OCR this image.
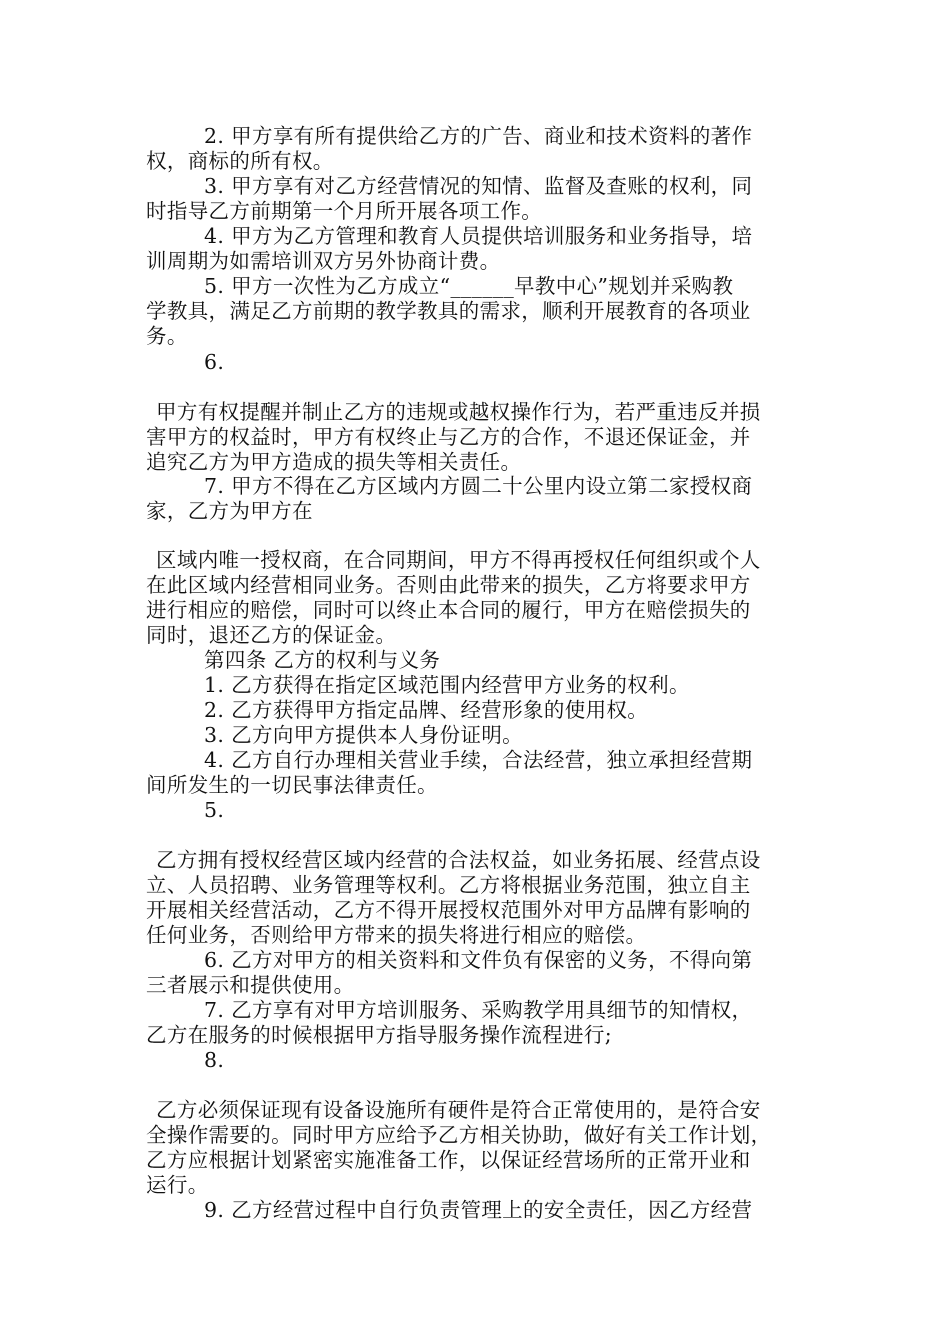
2. 甲方享有所有提供给乙方的广告、商业和技术资料的著作
权，商标的所有权。
3. 甲方享有对乙方经营情况的知情、监督及查账的权利，同
时指导乙方前期第一个月所开展各项工作。
4. 甲方为乙方管理和教育人员提供培训服务和业务指导，培
训周期为如需培训双方另外协商计费。
5. 甲方一次性为乙方成立“______早教中心”规划并采购教
学教具，满足乙方前期的教学教具的需求，顺利开展教育的各项业
务。
6.
甲方有权提醒并制止乙方的违规或越权操作行为，若严重违反并损
害甲方的权益时，甲方有权终止与乙方的合作，不退还保证金，并
追究乙方为甲方造成的损失等相关责任。
7. 甲方不得在乙方区域内方圆二十公里内设立第二家授权商
家，乙方为甲方在
区域内唯一授权商，在合同期间，甲方不得再授权任何组织或个人
在此区域内经营相同业务。否则由此带来的损失，乙方将要求甲方
进行相应的赔偿，同时可以终止本合同的履行，甲方在赔偿损失的
同时，退还乙方的保证金。
第四条 乙方的权利与义务
1. 乙方获得在指定区域范围内经营甲方业务的权利。
2. 乙方获得甲方指定品牌、经营形象的使用权。
3. 乙方向甲方提供本人身份证明。
4. 乙方自行办理相关营业手续，合法经营，独立承担经营期
间所发生的一切民事法律责任。
5.
乙方拥有授权经营区域内经营的合法权益，如业务拓展、经营点设
立、人员招聘、业务管理等权利。乙方将根据业务范围，独立自主
开展相关经营活动，乙方不得开展授权范围外对甲方品牌有影响的
任何业务，否则给甲方带来的损失将进行相应的赔偿。
6. 乙方对甲方的相关资料和文件负有保密的义务，不得向第
三者展示和提供使用。
7. 乙方享有对甲方培训服务、采购教学用具细节的知情权，
乙方在服务的时候根据甲方指导服务操作流程进行;
8.
乙方必须保证现有设备设施所有硬件是符合正常使用的，是符合安
全操作需要的。同时甲方应给予乙方相关协助，做好有关工作计划，
乙方应根据计划紧密实施准备工作，以保证经营场所的正常开业和
运行。
9. 乙方经营过程中自行负责管理上的安全责任，因乙方经营
